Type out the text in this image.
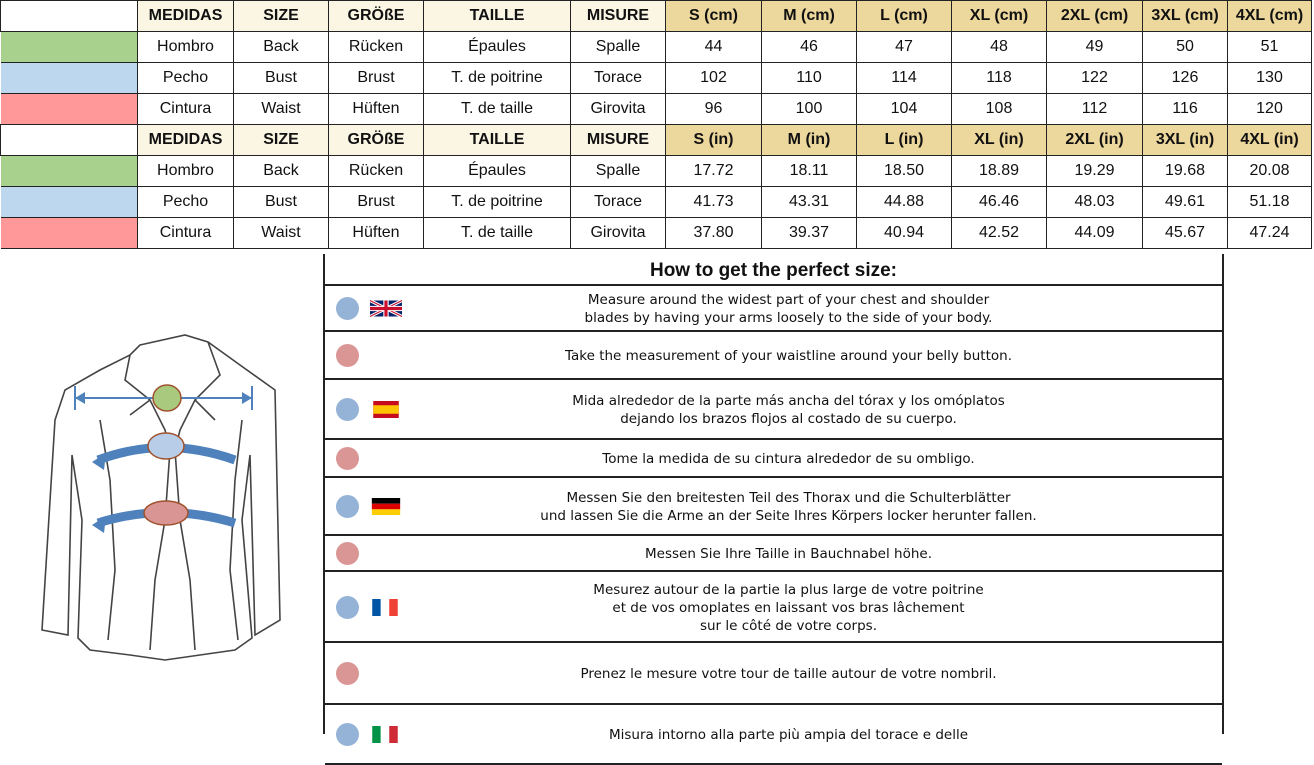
	MEDIDAS	SIZE	GRÖßE	TAILLE	MISURE	S (cm)	M (cm)	L (cm)	XL (cm)	2XL (cm)	3XL (cm)	4XL (cm)
	Hombro	Back	Rücken	Épaules	Spalle	44	46	47	48	49	50	51
	Pecho	Bust	Brust	T. de poitrine	Torace	102	110	114	118	122	126	130
	Cintura	Waist	Hüften	T. de taille	Girovita	96	100	104	108	112	116	120
	MEDIDAS	SIZE	GRÖßE	TAILLE	MISURE	S (in)	M (in)	L (in)	XL (in)	2XL (in)	3XL (in)	4XL (in)
	Hombro	Back	Rücken	Épaules	Spalle	17.72	18.11	18.50	18.89	19.29	19.68	20.08
	Pecho	Bust	Brust	T. de poitrine	Torace	41.73	43.31	44.88	46.46	48.03	49.61	51.18
	Cintura	Waist	Hüften	T. de taille	Girovita	37.80	39.37	40.94	42.52	44.09	45.67	47.24
How to get the perfect size:
Measure around the widest part of your chest and shoulder
blades by having your arms loosely to the side of your body.
Take the measurement of your waistline around your belly button.
Mida alrededor de la parte más ancha del tórax y los omóplatos
dejando los brazos flojos al costado de su cuerpo.
Tome la medida de su cintura alrededor de su ombligo.
Messen Sie den breitesten Teil des Thorax und die Schulterblätter
und lassen Sie die Arme an der Seite Ihres Körpers locker herunter fallen.
Messen Sie Ihre Taille in Bauchnabel höhe.
Mesurez autour de la partie la plus large de votre poitrine
et de vos omoplates en laissant vos bras lâchement
sur le côté de votre corps.
Prenez le mesure votre tour de taille autour de votre nombril.
Misura intorno alla parte più ampia del torace e delle
